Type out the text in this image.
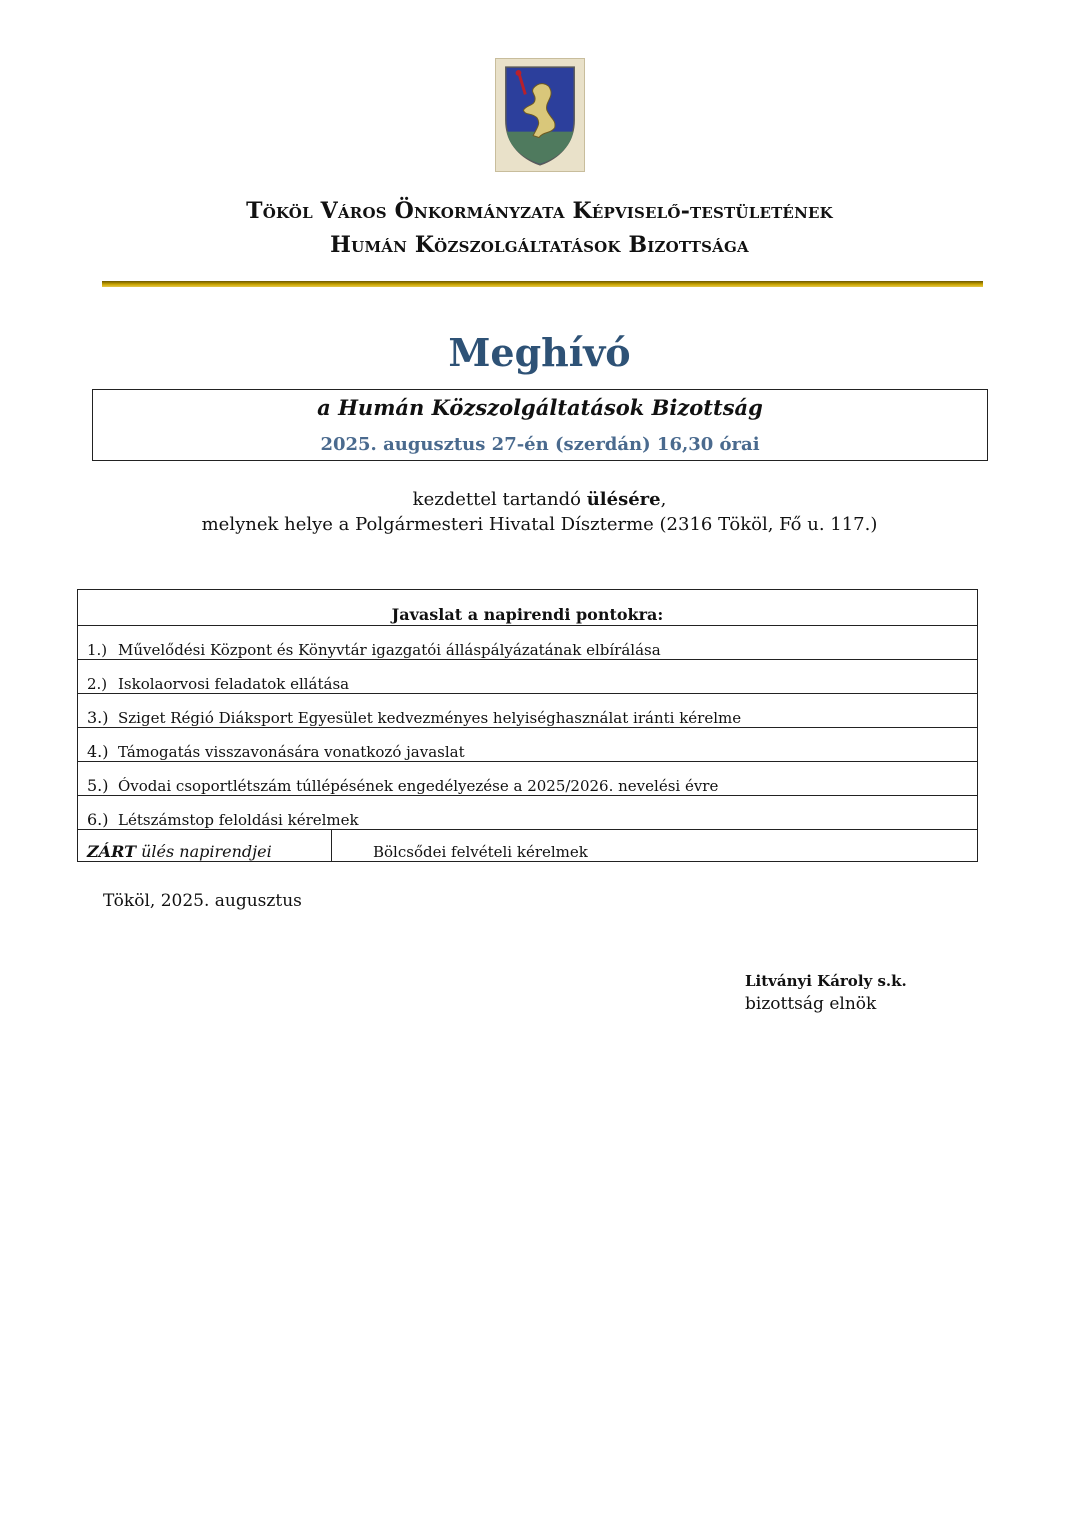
Tököl Város Önkormányzata Képviselő-testületének
Humán Közszolgáltatások Bizottsága
Meghívó
a Humán Közszolgáltatások Bizottság
2025. augusztus 27-én (szerdán) 16,30 órai
kezdettel tartandó ülésére,
melynek helye a Polgármesteri Hivatal Díszterme (2316 Tököl, Fő u. 117.)
Javaslat a napirendi pontokra:
1.) Művelődési Központ és Könyvtár igazgatói álláspályázatának elbírálása
2.) Iskolaorvosi feladatok ellátása
3.) Sziget Régió Diáksport Egyesület kedvezményes helyiséghasználat iránti kérelme
4.) Támogatás visszavonására vonatkozó javaslat
5.) Óvodai csoportlétszám túllépésének engedélyezése a 2025/2026. nevelési évre
6.) Létszámstop feloldási kérelmek
ZÁRT ülés napirendjei	Bölcsődei felvételi kérelmek
Tököl, 2025. augusztus
Litványi Károly s.k.
bizottság elnök
